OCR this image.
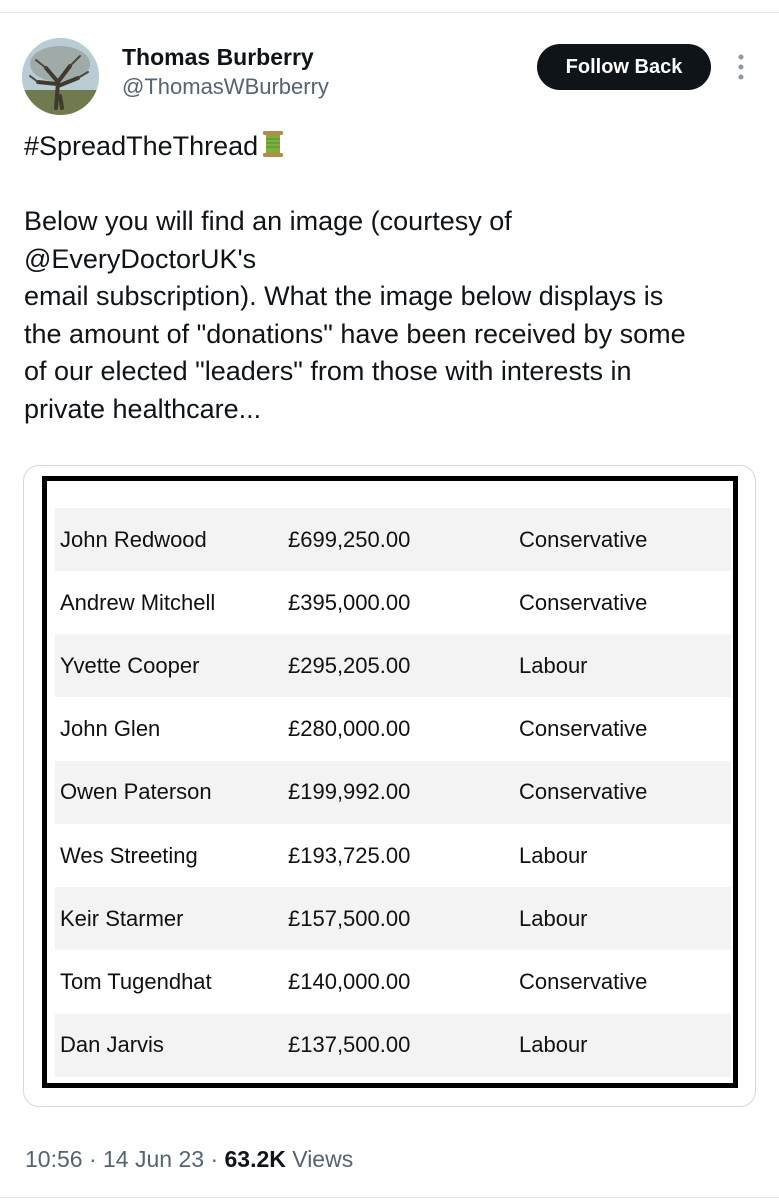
Thomas Burberry
@ThomasWBurberry
Follow Back

#SpreadTheThread

Below you will find an image (courtesy of
@EveryDoctorUK's
email subscription). What the image below displays is
the amount of "donations" have been received by some
of our elected "leaders" from those with interests in
private healthcare...

John Redwood	£699,250.00	Conservative
Andrew Mitchell	£395,000.00	Conservative
Yvette Cooper	£295,205.00	Labour
John Glen	£280,000.00	Conservative
Owen Paterson	£199,992.00	Conservative
Wes Streeting	£193,725.00	Labour
Keir Starmer	£157,500.00	Labour
Tom Tugendhat	£140,000.00	Conservative
Dan Jarvis	£137,500.00	Labour
10:56 · 14 Jun 23 · 63.2K Views
